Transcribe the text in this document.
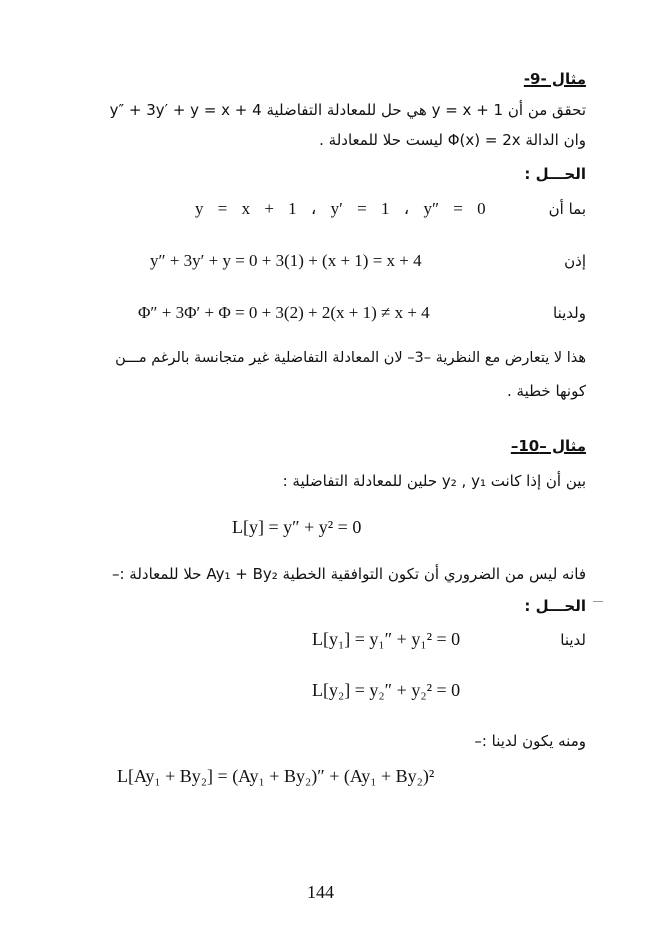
مثال -9-
تحقق من أن y = x + 1 هي حل للمعادلة التفاضلية y″ + 3y′ + y = x + 4
وان الدالة Φ(x) = 2x ليست حلا للمعادلة .
الحـــل :
بما أن
y = x + 1 ، y′ = 1 ، y″ = 0
إذن
y″ + 3y′ + y = 0 + 3(1) + (x + 1) = x + 4
ولدينا
Φ″ + 3Φ′ + Φ = 0 + 3(2) + 2(x + 1) ≠ x + 4
هذا لا يتعارض مع النظرية –3– لان المعادلة التفاضلية غير متجانسة بالرغم مـــن
كونها خطية .
مثال –10–
بين أن إذا كانت y₂ , y₁ حلين للمعادلة التفاضلية :
L[y] = y″ + y² = 0
فانه ليس من الضروري أن تكون التوافقية الخطية Ay₁ + By₂ حلا للمعادلة :–
الحـــل :
لدينا
L[y₁] = y₁″ + y₁² = 0
L[y₂] = y₂″ + y₂² = 0
ومنه يكون لدينا :–
L[Ay₁ + By₂] = (Ay₁ + By₂)″ + (Ay₁ + By₂)²
144
